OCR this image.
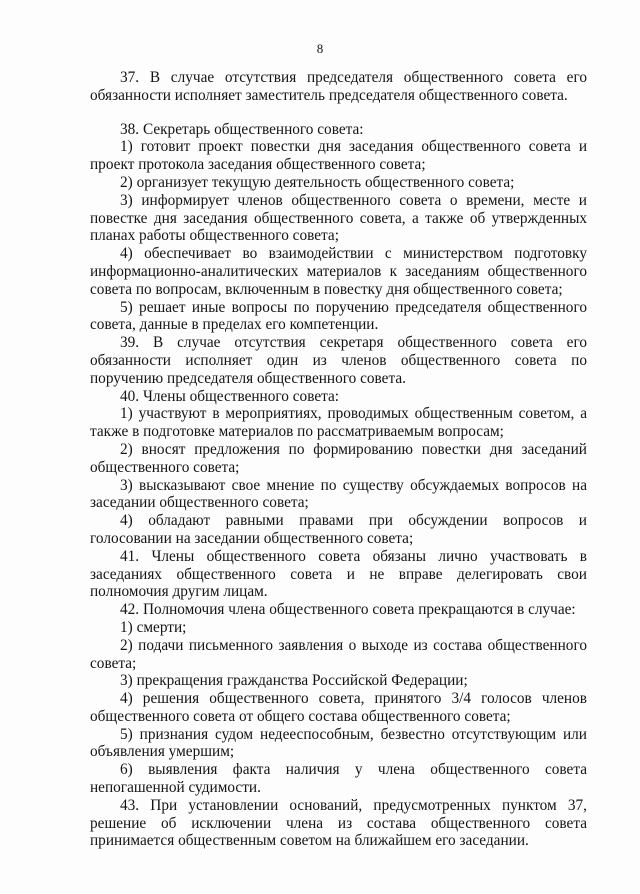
8

37. В случае отсутствия председателя общественного совета его обязанности исполняет заместитель председателя общественного совета.

38. Секретарь общественного совета:

1) готовит проект повестки дня заседания общественного совета и проект протокола заседания общественного совета;

2) организует текущую деятельность общественного совета;

3) информирует членов общественного совета о времени, месте и повестке дня заседания общественного совета, а также об утвержденных планах работы общественного совета;

4) обеспечивает во взаимодействии с министерством подготовку информационно-аналитических материалов к заседаниям общественного совета по вопросам, включенным в повестку дня общественного совета;

5) решает иные вопросы по поручению председателя общественного совета, данные в пределах его компетенции.

39. В случае отсутствия секретаря общественного совета его обязанности исполняет один из членов общественного совета по поручению председателя общественного совета.

40. Члены общественного совета:

1) участвуют в мероприятиях, проводимых общественным советом, а также в подготовке материалов по рассматриваемым вопросам;

2) вносят предложения по формированию повестки дня заседаний общественного совета;

3) высказывают свое мнение по существу обсуждаемых вопросов на заседании общественного совета;

4) обладают равными правами при обсуждении вопросов и голосовании на заседании общественного совета;

41. Члены общественного совета обязаны лично участвовать в заседаниях общественного совета и не вправе делегировать свои полномочия другим лицам.

42. Полномочия члена общественного совета прекращаются в случае:

1) смерти;

2) подачи письменного заявления о выходе из состава общественного совета;

3) прекращения гражданства Российской Федерации;

4) решения общественного совета, принятого 3/4 голосов членов общественного совета от общего состава общественного совета;

5) признания судом недееспособным, безвестно отсутствующим или объявления умершим;

6) выявления факта наличия у члена общественного совета непогашенной судимости.

43. При установлении оснований, предусмотренных пунктом 37, решение об исключении члена из состава общественного совета принимается общественным советом на ближайшем его заседании.
